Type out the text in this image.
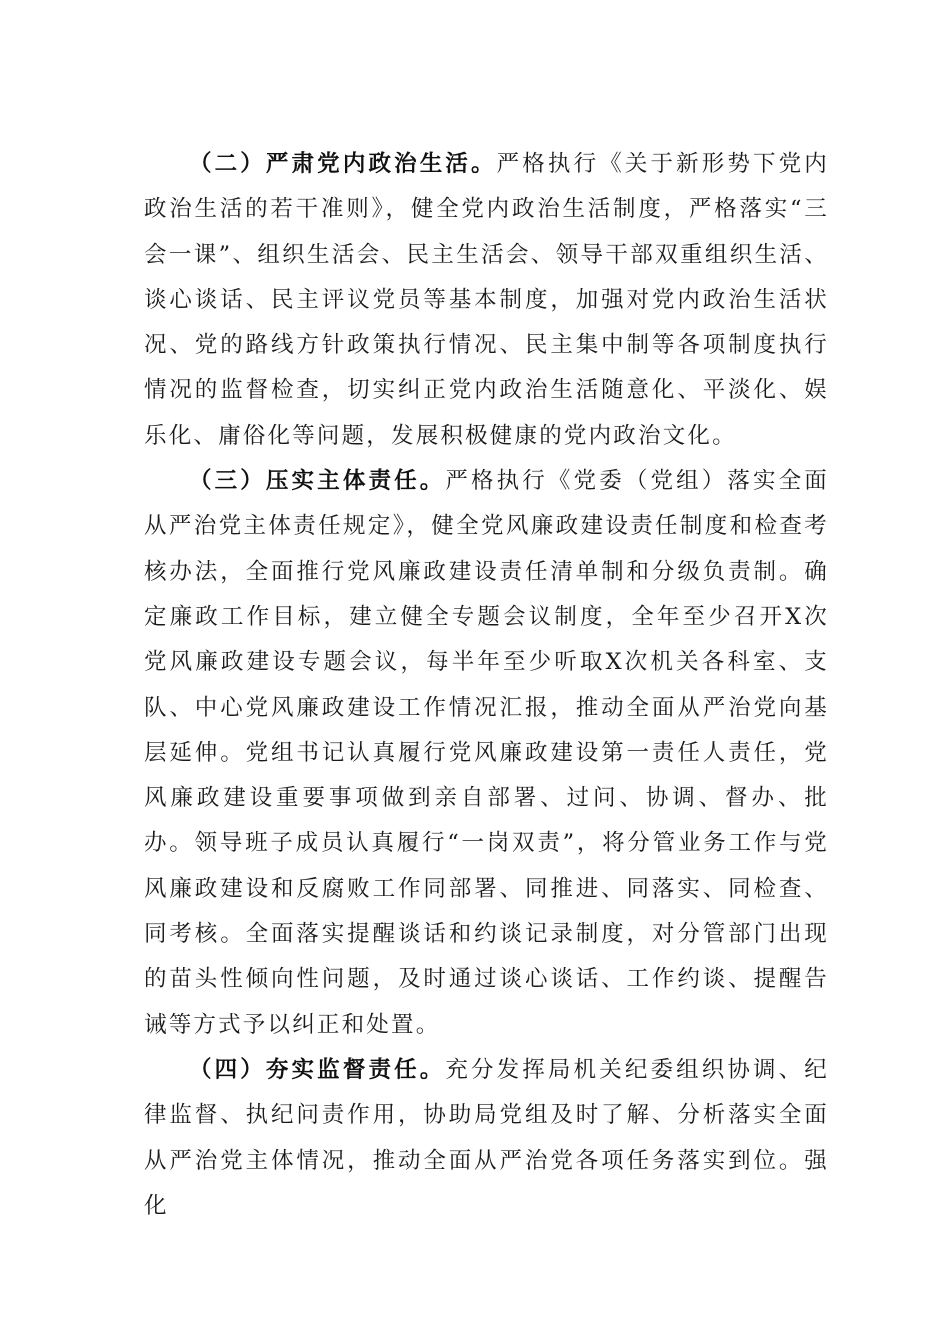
（二）严肃党内政治生活。严格执行《关于新形势下党内政治生活的若干准则》，健全党内政治生活制度，严格落实“三会一课”、组织生活会、民主生活会、领导干部双重组织生活、谈心谈话、民主评议党员等基本制度，加强对党内政治生活状况、党的路线方针政策执行情况、民主集中制等各项制度执行情况的监督检查，切实纠正党内政治生活随意化、平淡化、娱乐化、庸俗化等问题，发展积极健康的党内政治文化。

（三）压实主体责任。严格执行《党委（党组）落实全面从严治党主体责任规定》，健全党风廉政建设责任制度和检查考核办法，全面推行党风廉政建设责任清单制和分级负责制。确定廉政工作目标，建立健全专题会议制度，全年至少召开X次党风廉政建设专题会议，每半年至少听取X次机关各科室、支队、中心党风廉政建设工作情况汇报，推动全面从严治党向基层延伸。党组书记认真履行党风廉政建设第一责任人责任，党风廉政建设重要事项做到亲自部署、过问、协调、督办、批办。领导班子成员认真履行“一岗双责”，将分管业务工作与党风廉政建设和反腐败工作同部署、同推进、同落实、同检查、同考核。全面落实提醒谈话和约谈记录制度，对分管部门出现的苗头性倾向性问题，及时通过谈心谈话、工作约谈、提醒告诫等方式予以纠正和处置。

（四）夯实监督责任。充分发挥局机关纪委组织协调、纪律监督、执纪问责作用，协助局党组及时了解、分析落实全面从严治党主体情况，推动全面从严治党各项任务落实到位。强化
